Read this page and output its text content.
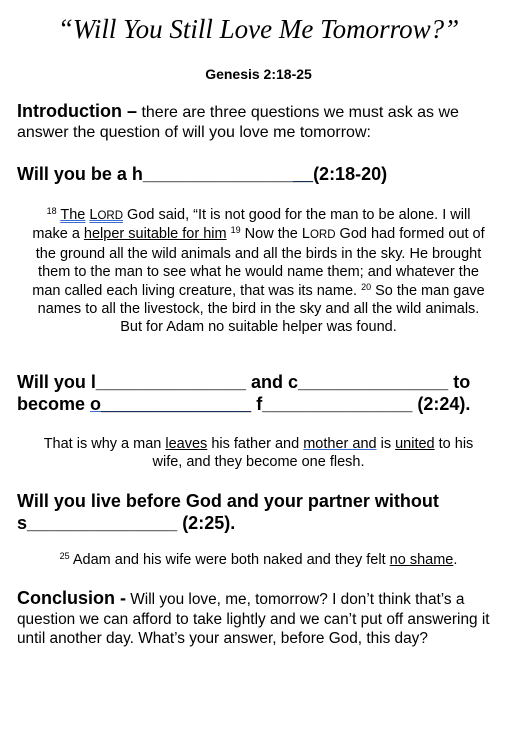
“Will You Still Love Me Tomorrow?”
Genesis 2:18-25
Introduction – there are three questions we must ask as we answer the question of will you love me tomorrow:
Will you be a h_________________(2:18-20)
$^{18}$ The LORD God said, “It is not good for the man to be alone. I will make a helper suitable for him $^{19}$ Now the LORD God had formed out of the ground all the wild animals and all the birds in the sky. He brought them to the man to see what he would name them; and whatever the man called each living creature, that was its name. $^{20}$ So the man gave names to all the livestock, the bird in the sky and all the wild animals.
But for Adam no suitable helper was found.
Will you l_______________ and c_______________ to become o_______________ f_______________ (2:24).
That is why a man leaves his father and mother and is united to his wife, and they become one flesh.
Will you live before God and your partner without s_______________ (2:25).
$^{25}$ Adam and his wife were both naked and they felt no shame.
Conclusion - Will you love, me, tomorrow? I don’t think that’s a question we can afford to take lightly and we can’t put off answering it until another day. What’s your answer, before God, this day?
